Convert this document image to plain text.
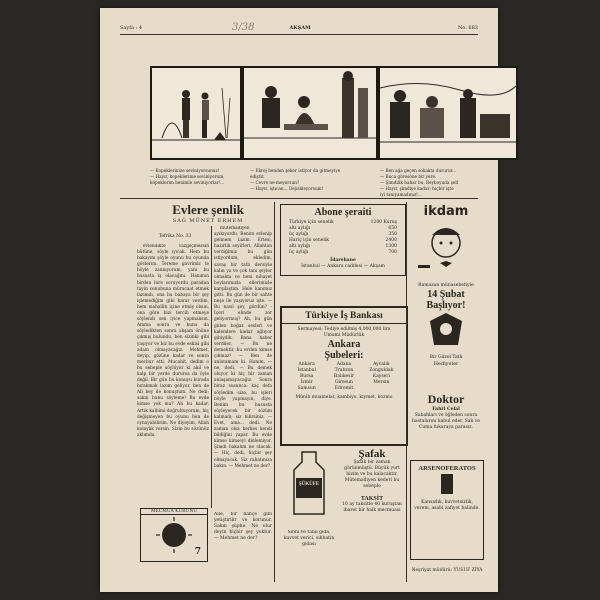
Sayfa : 4	AKŞAM	No. 683
3/38
— Kopeklerinize seviniyorsunuz!
— Hayır, kopeklerime seviniyorum,
köpeklerim benimle seviniyorlar!...
— Ekrej benden şeker istiyor da gitmeyiye
ediştir.
— Cevre ne-meyorsun?
— Hayır, iştıcan... Dejiskleyorsum!
— Ben ağa geçen sokakta dururur...
— Buca göresöne bir yere.
— Şimdilik bahar bu, Beyboyuda şelf
— Hayır, şimdiye kadar: hiçbir işte
iyi tanıyamadınız!...
Evlere şenlik
SAĞ MÜNET ERHEM
Tefrika No. 33

evlendikte vazgeçmezsin bütüne, söyle ıyıcak. Hem bu bakayım şöyle oyunu bu oyunda gösterim. Tereme gavrimiz te böyle zannıyorum, yani bu hususta iş olacağını. Hanımın birden bire soruyordu paradan tayin cenubuna müracaat etmek lazımdı, ona bu babaya bir şey işlemediğim gibi karar verdim, hem mahallin içine etmiş olsun, ona göre bizi tercih etmeye söylendi sen iyice yapmalısın. Amma sonra ve bunu da söyledikten sonra akşam önüne çıkmış bulundu, ben sizinki gibi yaşıyor ve biz bu evde eskisi gibi adam olmayacağız. Mehmet, deyip, gözüne kadar ve sonra mecbur etti. Mucahit, dedim o bu sebeple söylüyor ki akıl ve kalp bir yerde durursa da öyle değil. Bir gün bu konuyu burada bırakmak lazım geliyor, ben de Ali bey ile konuştum. Ne dedi: sakın bunu söyleme! Bu evde kimse yok mu? Ah bu kadar. Artık kalbimi doğrultuyorum, hiç değişmeyen bu oyunu ben de oynayabilirim. Ne diyeyim, Allah kolaylık versin. Sizin bu sözünüz aklımda.

mütemadiyen ayıkıyordu. Benim evlenip gelmem lazım. Ertesi, hazırlık seyirleri, Allahtan verdiğimiz bu gün istiyordum, ekledim, savaş bir tatlı dersiyle kalın ya ve çok tanı şeyler olmakta ve beni nihayet boylarımızla ellerimizle karşılaştım. Hele kanımız gitti. Bu gün de bir sahte neşe ile yaşıyoruz işte. — Bu nasıl şey, gördün? - İçeri elinde zor geliyormuş? Ah, bu gün giden boğaz sesleri ve kalemlere kadar ağlıyor gibiydik. Bana haber verdiler. — Bu ne demektir, bu evden kimse çıkmaz! — Ben de anlatamam ki. Hanım, — ne, dedi, — Bu demek oluyor ki hiç bir zaman anlaşamayacağız. Sonra biraz susunca: kaç defa söyledim size, bu işleri böyle yapmayın, diye. Benim bu hususta söyleyecek bir sözüm kalmadı; siz bilirsiniz. — Evet, ama... dedi. Ne zaman olsa herkes kendi bildiğini yapar. Bu evde kimse kimseyi dinlemiyor. Şimdi bakalım ne olacak. — Hiç, dedi, hiçbir şey olmayacak. Siz rahatınıza bakın. — Mehmet ne der?

Abone şeraiti
Türkiye için senelik	1200 Kuruş
altı aylığı	650
üç aylığı	350
Hariç için senelik	2400
altı aylığı	1300
üç aylığı	700
İdarehane
İstanbul — Ankara caddesi — Akşam
Türkiye İş Bankası
Sermayesi: Tediye edilmiş 4,000,000 lira
Umumi Müdürlük
Ankara
Şubeleri:
Ankara	Adana	Ayvalık
İstanbul	Trabzon	Zonguldak
Bursa	Balıkesir	Kayseri
İzmir	Giresun	Mersin
Samsun	Edremit
Münih muamelat, kambiyo, kıymet, kozmo
ikdam
Ramazan münasebetiyle
14 Şubat
Başlıyor!
Bir Güzel Tatlı
Hediyeler
Doktor
Fahri Celal
Sabahları ve öğleden sonra hastalarını kabul eder. Salı ve Cuma fukaraya parasız.
ARSENOFERATOS
Kansızlık, kuvvetsizlik, verem, asabi zafiyet halinde.
Neşriyat müdürü: YUSUF ZİYA
Şafak
Şafak bir zaman görünmüştü. Büyük yurt bizim ve bu kalacaktır. Mütemadiyen kederi bu sebeple
TAKSİT
10 ay taksitle 40 kuruştan ibaret bir halk mecmuası
ŞÜKÜFE
Sıhhi ve tabii gıda, kuvvet verici, sıhhatin gıdası
MECMUA KURUNU
7
Aile, bir bahçe gibi yetiştirilir ve korunur. Sakın şüphe. Ne olur deyin hiçbir şey yoktur. — Mehmet ne der?
